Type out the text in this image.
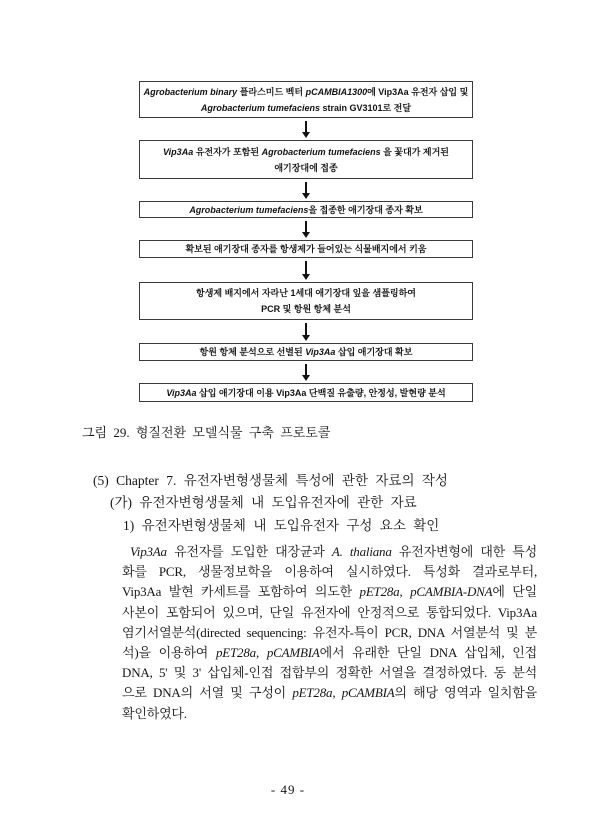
Agrobacterium binary 플라스미드 벡터 pCAMBIA1300에 Vip3Aa 유전자 삽입 및
Agrobacterium tumefaciens strain GV3101로 전달
Vip3Aa 유전자가 포함된 Agrobacterium tumefaciens 을 꽃대가 제거된
애기장대에 접종
Agrobacterium tumefaciens을 접종한 애기장대 종자 확보
확보된 애기장대 종자를 항생제가 들어있는 식물배지에서 키움
항생제 배지에서 자라난 1세대 애기장대 잎을 샘플링하여
PCR 및 항원 항체 분석
항원 항체 분석으로 선별된 Vip3Aa 삽입 애기장대 확보
Vip3Aa 삽입 애기장대 이용 Vip3Aa 단백질 유출량, 안정성, 발현량 분석
그림 29. 형질전환 모델식물 구축 프로토콜
(5) Chapter 7. 유전자변형생물체 특성에 관한 자료의 작성
(가) 유전자변형생물체 내 도입유전자에 관한 자료
1) 유전자변형생물체 내 도입유전자 구성 요소 확인
Vip3Aa 유전자를 도입한 대장균과 A. thaliana 유전자변형에 대한 특성
화를 PCR, 생물정보학을 이용하여 실시하였다. 특성화 결과로부터,
Vip3Aa 발현 카세트를 포함하여 의도한 pET28a, pCAMBIA-DNA에 단일
사본이 포함되어 있으며, 단일 유전자에 안정적으로 통합되었다. Vip3Aa
염기서열분석(directed sequencing: 유전자-특이 PCR, DNA 서열분석 및 분
석)을 이용하여 pET28a, pCAMBIA에서 유래한 단일 DNA 삽입체, 인접
DNA, 5' 및 3' 삽입체-인접 접합부의 정확한 서열을 결정하였다. 동 분석
으로 DNA의 서열 및 구성이 pET28a, pCAMBIA의 해당 영역과 일치함을
확인하였다.
- 49 -
